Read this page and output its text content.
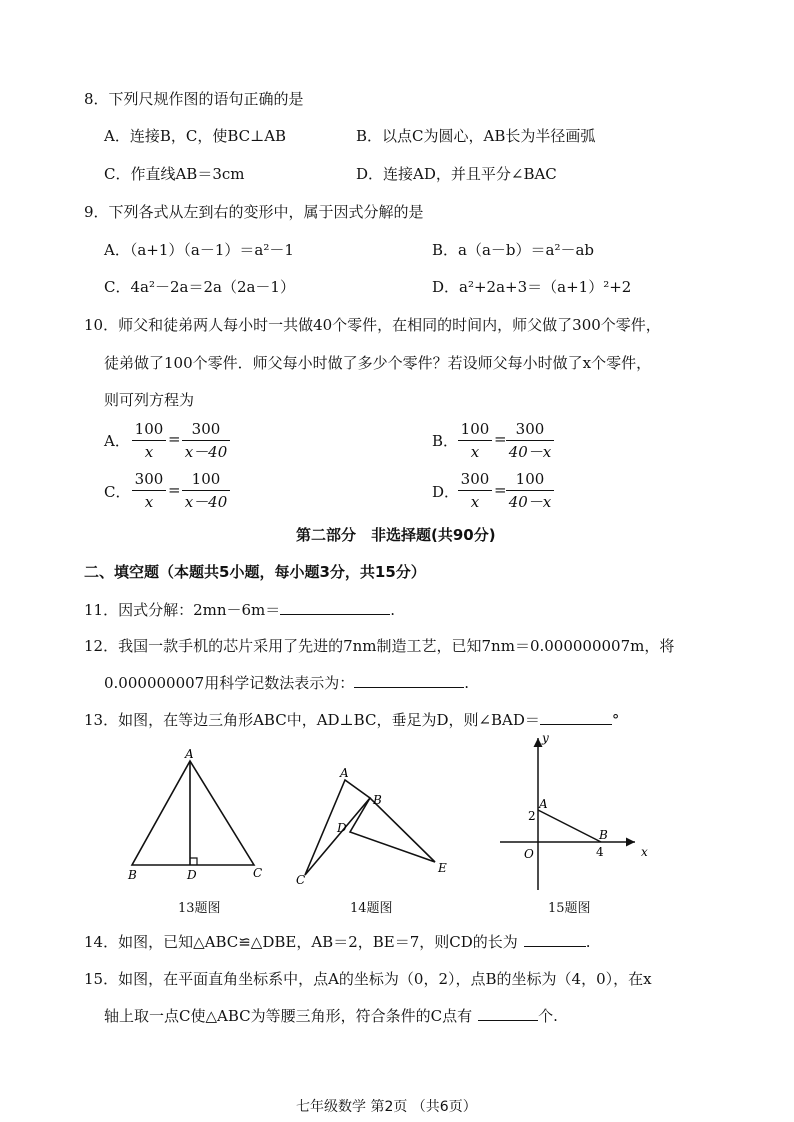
8．下列尺规作图的语句正确的是
A．连接B，C，使BC⊥AB	B．以点C为圆心，AB长为半径画弧
C．作直线AB＝3cm	D．连接AD，并且平分∠BAC
9．下列各式从左到右的变形中，属于因式分解的是
A．（a+1）（a－1）＝a²－1	B．a（a－b）＝a²－ab
C．4a²－2a＝2a（2a－1）	D．a²+2a+3＝（a+1）²+2
10．师父和徒弟两人每小时一共做40个零件，在相同的时间内，师父做了300个零件，
徒弟做了100个零件．师父每小时做了多少个零件？若设师父每小时做了x个零件，
则可列方程为
A．
100
x
=
300
x－40
B．
100
x
=
300
40－x
C．
300
x
=
100
x－40
D．
300
x
=
100
40－x
第二部分　非选择题(共90分)
二、填空题（本题共5小题，每小题3分，共15分）
11．因式分解：2mn－6m＝	.
12．我国一款手机的芯片采用了先进的7nm制造工艺，已知7nm＝0.000000007m，将
0.000000007用科学记数法表示为：	.
13．如图，在等边三角形ABC中，AD⊥BC，垂足为D，则∠BAD＝	°
A
B	C
D
13题图
A
B
C
D
E
14题图
y
x
A
B
O
2
4
15题图
14．如图，已知△ABC≌△DBE，AB＝2，BE＝7，则CD的长为	.
15．如图，在平面直角坐标系中，点A的坐标为（0，2），点B的坐标为（4，0），在x
轴上取一点C使△ABC为等腰三角形，符合条件的C点有	个.
七年级数学 第2页 （共6页）
